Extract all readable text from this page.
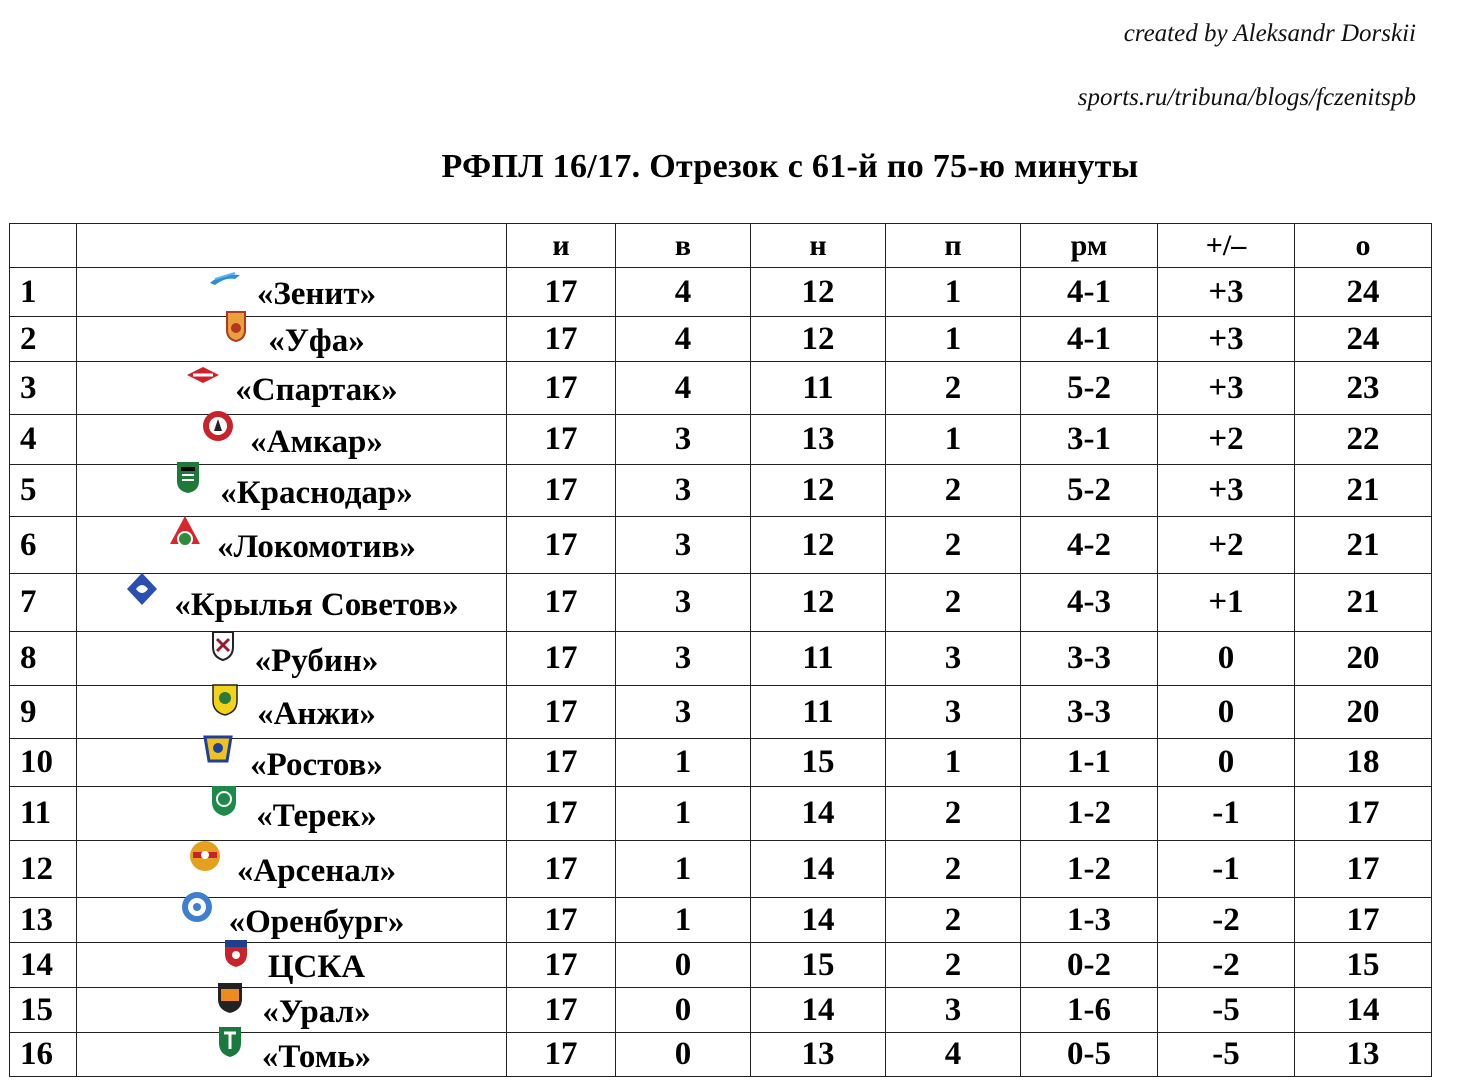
created by Aleksandr Dorskii
sports.ru/tribuna/blogs/fczenitspb
РФПЛ 16/17. Отрезок с 61-й по 75-ю минуты
		и	в	н	п	рм	+/–	о
1	«Зенит»	17	4	12	1	4-1	+3	24
2	«Уфа»	17	4	12	1	4-1	+3	24
3	«Спартак»	17	4	11	2	5-2	+3	23
4	«Амкар»	17	3	13	1	3-1	+2	22
5	«Краснодар»	17	3	12	2	5-2	+3	21
6	«Локомотив»	17	3	12	2	4-2	+2	21
7	«Крылья Советов»	17	3	12	2	4-3	+1	21
8	«Рубин»	17	3	11	3	3-3	0	20
9	«Анжи»	17	3	11	3	3-3	0	20
10	«Ростов»	17	1	15	1	1-1	0	18
11	«Терек»	17	1	14	2	1-2	-1	17
12	«Арсенал»	17	1	14	2	1-2	-1	17
13	«Оренбург»	17	1	14	2	1-3	-2	17
14	ЦСКА	17	0	15	2	0-2	-2	15
15	«Урал»	17	0	14	3	1-6	-5	14
16	«Томь»	17	0	13	4	0-5	-5	13
